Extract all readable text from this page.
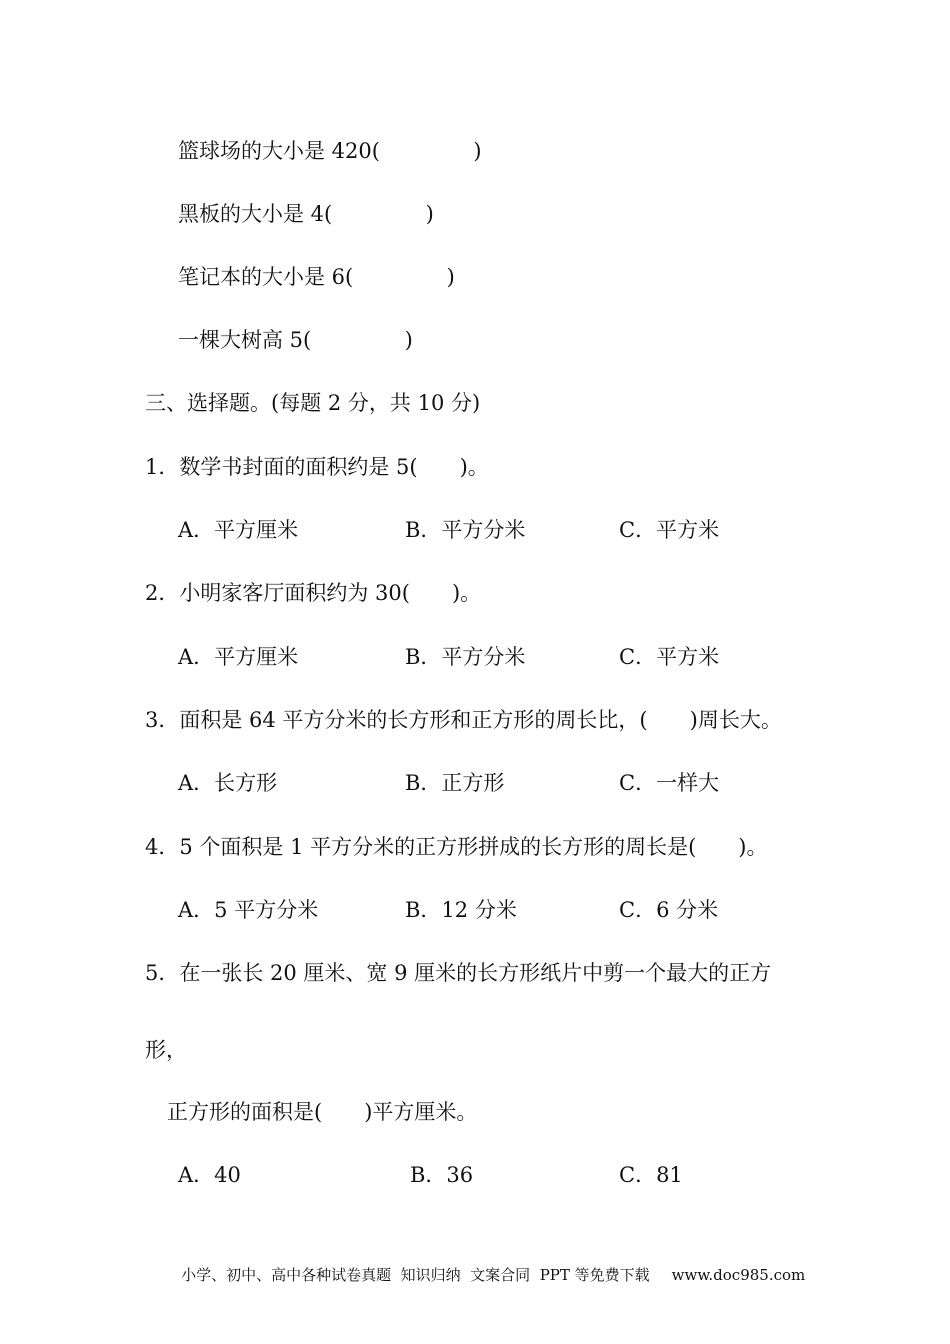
篮球场的大小是 420(              )
黑板的大小是 4(              )
笔记本的大小是 6(              )
一棵大树高 5(              )
三、选择题。(每题 2 分，共 10 分)
1．数学书封面的面积约是 5(　　)。
A．平方厘米	B．平方分米	C．平方米
2．小明家客厅面积约为 30(　　)。
A．平方厘米	B．平方分米	C．平方米
3．面积是 64 平方分米的长方形和正方形的周长比，(　　)周长大。
A．长方形	B．正方形	C．一样大
4．5 个面积是 1 平方分米的正方形拼成的长方形的周长是(　　)。
A．5 平方分米	B．12 分米	C．6 分米
5．在一张长 20 厘米、宽 9 厘米的长方形纸片中剪一个最大的正方
形，
正方形的面积是(　　)平方厘米。
A．40	B．36	C．81

小学、初中、高中各种试卷真题  知识归纳  文案合同  PPT 等免费下载 www.doc985.com
